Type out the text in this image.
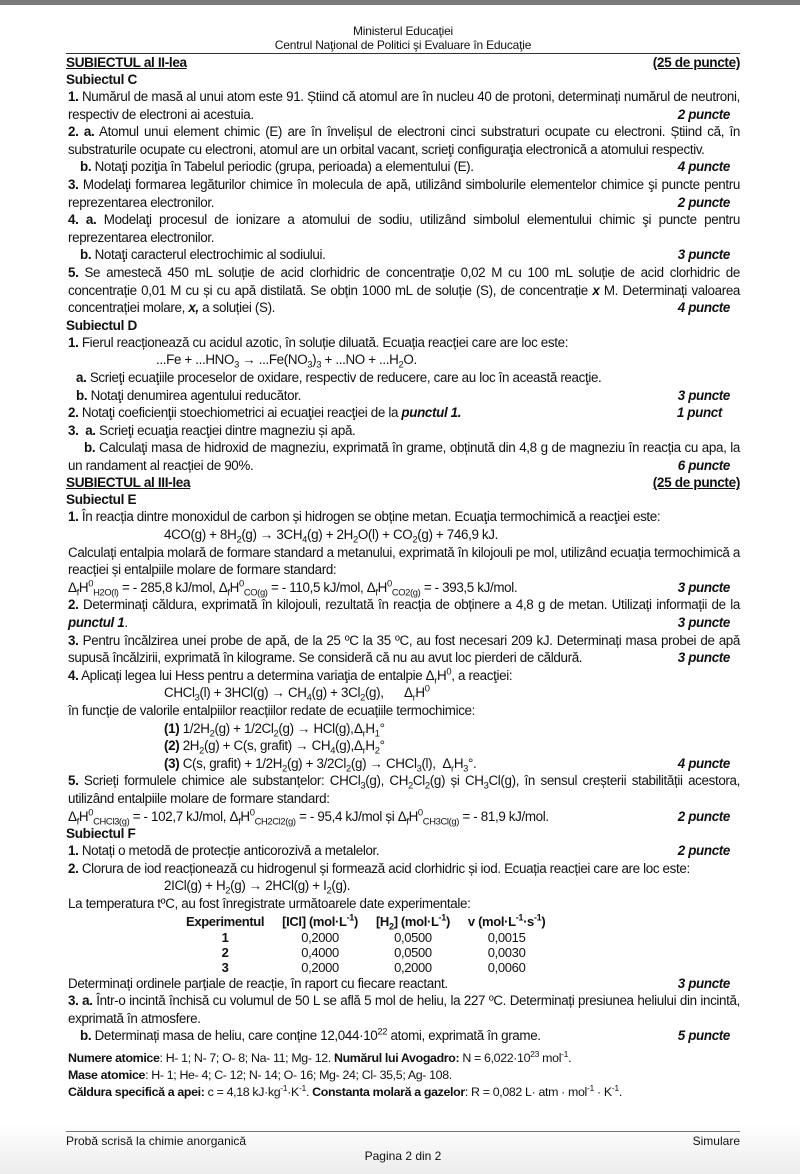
Ministerul Educaţiei
Centrul Naţional de Politici şi Evaluare în Educaţie
SUBIECTUL al II-lea	(25 de puncte)
Subiectul C
1. Numărul de masă al unui atom este 91. Știind că atomul are în nucleu 40 de protoni, determinați numărul de neutroni, respectiv de electroni ai acestuia.	2 puncte
2. a. Atomul unui element chimic (E) are în învelișul de electroni cinci substraturi ocupate cu electroni. Știind că, în substraturile ocupate cu electroni, atomul are un orbital vacant, scrieţi configuraţia electronică a atomului respectiv.
b. Notaţi poziţia în Tabelul periodic (grupa, perioada) a elementului (E).	4 puncte
3. Modelaţi formarea legăturilor chimice în molecula de apă, utilizând simbolurile elementelor chimice şi puncte pentru reprezentarea electronilor.	2 puncte
4. a. Modelaţi procesul de ionizare a atomului de sodiu, utilizând simbolul elementului chimic şi puncte pentru reprezentarea electronilor.
b. Notaţi caracterul electrochimic al sodiului.	3 puncte
5. Se amestecă 450 mL soluție de acid clorhidric de concentrație 0,02 M cu 100 mL soluție de acid clorhidric de concentrație 0,01 M cu și cu apă distilată. Se obțin 1000 mL de soluție (S), de concentrație x M. Determinați valoarea concentrației molare, x, a soluției (S).	4 puncte
Subiectul D
1. Fierul reacționează cu acidul azotic, în soluție diluată. Ecuația reacției care are loc este:
$...Fe + ...HNO_3 \to ...Fe(NO_3)_3 + ...NO + ...H_2O$.
a. Scrieţi ecuaţiile proceselor de oxidare, respectiv de reducere, care au loc în această reacţie.
b. Notaţi denumirea agentului reducător.	3 puncte
2. Notaţi coeficienţii stoechiometrici ai ecuaţiei reacţiei de la punctul 1.	1 punct
3.  a. Scrieţi ecuaţia reacţiei dintre magneziu și apă.
b. Calculaţi masa de hidroxid de magneziu, exprimată în grame, obținută din 4,8 g de magneziu în reacția cu apa, la un randament al reacției de 90%.	6 puncte
SUBIECTUL al III-lea	(25 de puncte)
Subiectul E
1. În reacția dintre monoxidul de carbon și hidrogen se obține metan. Ecuaţia termochimică a reacţiei este:
$4CO(g) + 8H_2(g) \to 3CH_4(g) + 2H_2O(l) + CO_2(g) + 746,9$ kJ.
Calculați entalpia molară de formare standard a metanului, exprimată în kilojouli pe mol, utilizând ecuația termochimică a reacției și entalpiile molare de formare standard:
$\Delta_fH^0_{H2O(l)}$ = - 285,8 kJ/mol, $\Delta_fH^0_{CO(g)}$ = - 110,5 kJ/mol, $\Delta_fH^0_{CO2(g)}$ = - 393,5 kJ/mol.	3 puncte
2. Determinați căldura, exprimată în kilojouli, rezultată în reacția de obținere a 4,8 g de metan. Utilizați informații de la punctul 1.	3 puncte
3. Pentru încălzirea unei probe de apă, de la 25 ºC la 35 ºC, au fost necesari 209 kJ. Determinați masa probei de apă supusă încălzirii, exprimată în kilograme. Se consideră că nu au avut loc pierderi de căldură.	3 puncte
4. Aplicați legea lui Hess pentru a determina variaţia de entalpie $\Delta_rH^0$, a reacţiei:
CHCl$_3$(l) + $3HCl(g) \to CH_4(g) + 3Cl_2(g)$, $\Delta_rH^0$
în funcție de valorile entalpiilor reacțiilor redate de ecuațiile termochimice:
(1) $1/2H_2(g) + 1/2Cl_2(g) \to HCl(g),\Delta_rH_1^\circ$
(2) $2H_2(g) + C(s$, grafit) → $CH_4(g),\Delta_rH_2^\circ$
(3) C(s, grafit) + $1/2H_2(g) + 3/2Cl_2(g)$ → CHCl$_3$(l),  $\Delta_rH_3^\circ$.	4 puncte
5. Scrieți formulele chimice ale substanțelor: CHCl$_3$(g), $CH_2Cl_2(g)$ și $CH_3Cl(g)$, în sensul creșterii stabilității acestora, utilizând entalpiile molare de formare standard:
$\Delta_fH^0_{CHCl3(g)}$ = - 102,7 kJ/mol, $\Delta_fH^0_{CH2Cl2(g)}$ = - 95,4 kJ/mol și $\Delta_fH^0_{CH3Cl(g)}$ = - 81,9 kJ/mol.	2 puncte
Subiectul F
1. Notați o metodă de protecție anticorozivă a metalelor.	2 puncte
2. Clorura de iod reacționează cu hidrogenul și formează acid clorhidric și iod. Ecuația reacției care are loc este:
$2ICl(g) + H_2(g) \to 2HCl(g) + I_2(g)$.
La temperatura tºC, au fost înregistrate următoarele date experimentale:
Experimentul	[ICl] $(mol\cdot L^{-1})$	$[H_2]$ $(mol\cdot L^{-1})$	v $(mol\cdot L^{-1}\cdot s^{-1})$
1	0,2000	0,0500	0,0015
2	0,4000	0,0500	0,0030
3	0,2000	0,2000	0,0060
Determinați ordinele parțiale de reacție, în raport cu fiecare reactant.	3 puncte
3. a. Într-o incintă închisă cu volumul de 50 L se află 5 mol de heliu, la 227 ºC. Determinați presiunea heliului din incintă, exprimată în atmosfere.
b. Determinați masa de heliu, care conține $12,044\cdot 10^{22}$ atomi, exprimată în grame.	5 puncte
Numere atomice: H- 1; N- 7; O- 8; Na- 11; Mg- 12. Numărul lui Avogadro: $N = 6,022\cdot 10^{23}$ mol$^{-1}$.
Mase atomice: H- 1; He- 4; C- 12; N- 14; O- 16; Mg- 24; Cl- 35,5; Ag- 108.
Căldura specifică a apei: c = 4,18 $kJ\cdot kg^{-1}\cdot K^{-1}$. Constanta molară a gazelor: R = 0,082 L· atm · $mol^{-1} \cdot K^{-1}$.
Probă scrisă la chimie anorganică	Simulare
Pagina 2 din 2
